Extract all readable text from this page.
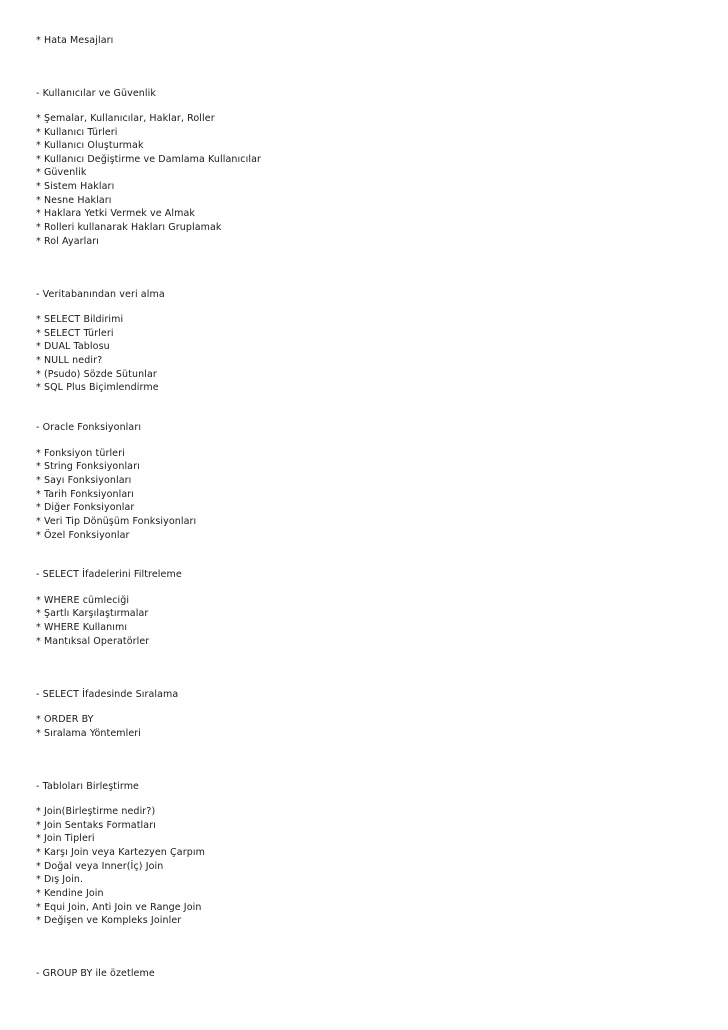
* Hata Mesajları
- Kullanıcılar ve Güvenlik
* Şemalar, Kullanıcılar, Haklar, Roller
* Kullanıcı Türleri
* Kullanıcı Oluşturmak
* Kullanıcı Değiştirme ve Damlama Kullanıcılar
* Güvenlik
* Sistem Hakları
* Nesne Hakları
* Haklara Yetki Vermek ve Almak
* Rolleri kullanarak Hakları Gruplamak
* Rol Ayarları
- Veritabanından veri alma
* SELECT Bildirimi
* SELECT Türleri
* DUAL Tablosu
* NULL nedir?
* (Psudo) Sözde Sütunlar
* SQL Plus Biçimlendirme
- Oracle Fonksiyonları
* Fonksiyon türleri
* String Fonksiyonları
* Sayı Fonksiyonları
* Tarih Fonksiyonları
* Diğer Fonksiyonlar
* Veri Tip Dönüşüm Fonksiyonları
* Özel Fonksiyonlar
- SELECT İfadelerini Filtreleme
* WHERE cümleciği
* Şartlı Karşılaştırmalar
* WHERE Kullanımı
* Mantıksal Operatörler
- SELECT İfadesinde Sıralama
* ORDER BY
* Sıralama Yöntemleri
- Tabloları Birleştirme
* Join(Birleştirme nedir?)
* Join Sentaks Formatları
* Join Tipleri
* Karşı Join veya Kartezyen Çarpım
* Doğal veya Inner(İç) Join
* Dış Join.
* Kendine Join
* Equi Join, Anti Join ve Range Join
* Değişen ve Kompleks Joinler
- GROUP BY ile özetleme
